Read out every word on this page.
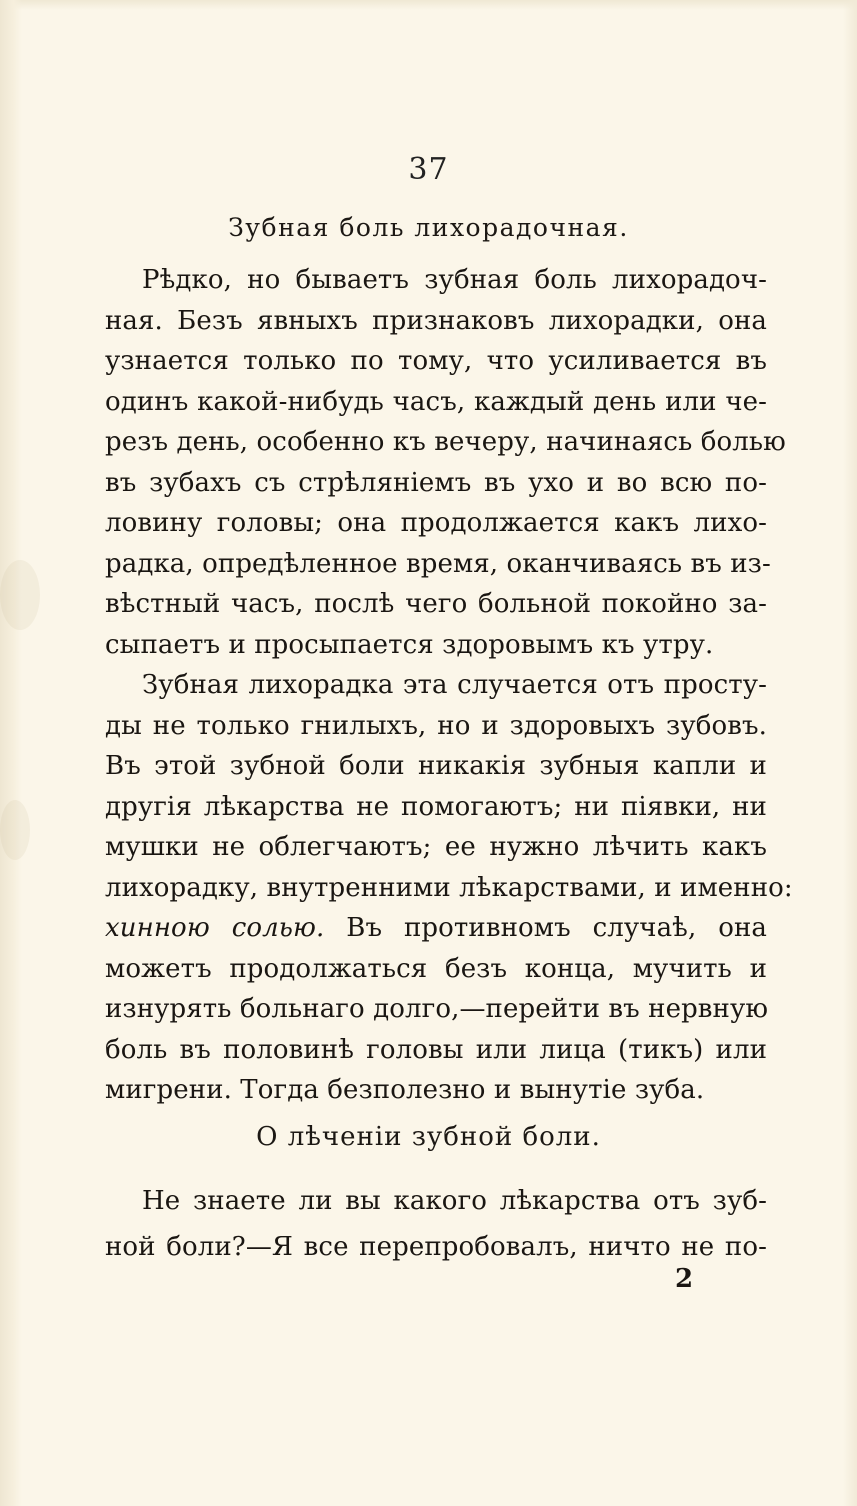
37
Зубная боль лихорадочная.
Рѣдко, но бываетъ зубная боль лихорадоч-
ная. Безъ явныхъ признаковъ лихорадки, она
узнается только по тому, что усиливается въ
одинъ какой-нибудь часъ, каждый день или че-
резъ день, особенно къ вечеру, начинаясь болью
въ зубахъ съ стрѣляніемъ въ ухо и во всю по-
ловину головы; она продолжается какъ лихо-
радка, опредѣленное время, оканчиваясь въ из-
вѣстный часъ, послѣ чего больной покойно за-
сыпаетъ и просыпается здоровымъ къ утру.
Зубная лихорадка эта случается отъ просту-
ды не только гнилыхъ, но и здоровыхъ зубовъ.
Въ этой зубной боли никакія зубныя капли и
другія лѣкарства не помогаютъ; ни піявки, ни
мушки не облегчаютъ; ее нужно лѣчить какъ
лихорадку, внутренними лѣкарствами, и именно:
хинною солью. Въ противномъ случаѣ, она
можетъ продолжаться безъ конца, мучить и
изнурять больнаго долго,—перейти въ нервную
боль въ половинѣ головы или лица (тикъ) или
мигрени. Тогда безполезно и вынутіе зуба.
О лѣченіи зубной боли.
Не знаете ли вы какого лѣкарства отъ зуб-
ной боли?—Я все перепробовалъ, ничто не по-
2
